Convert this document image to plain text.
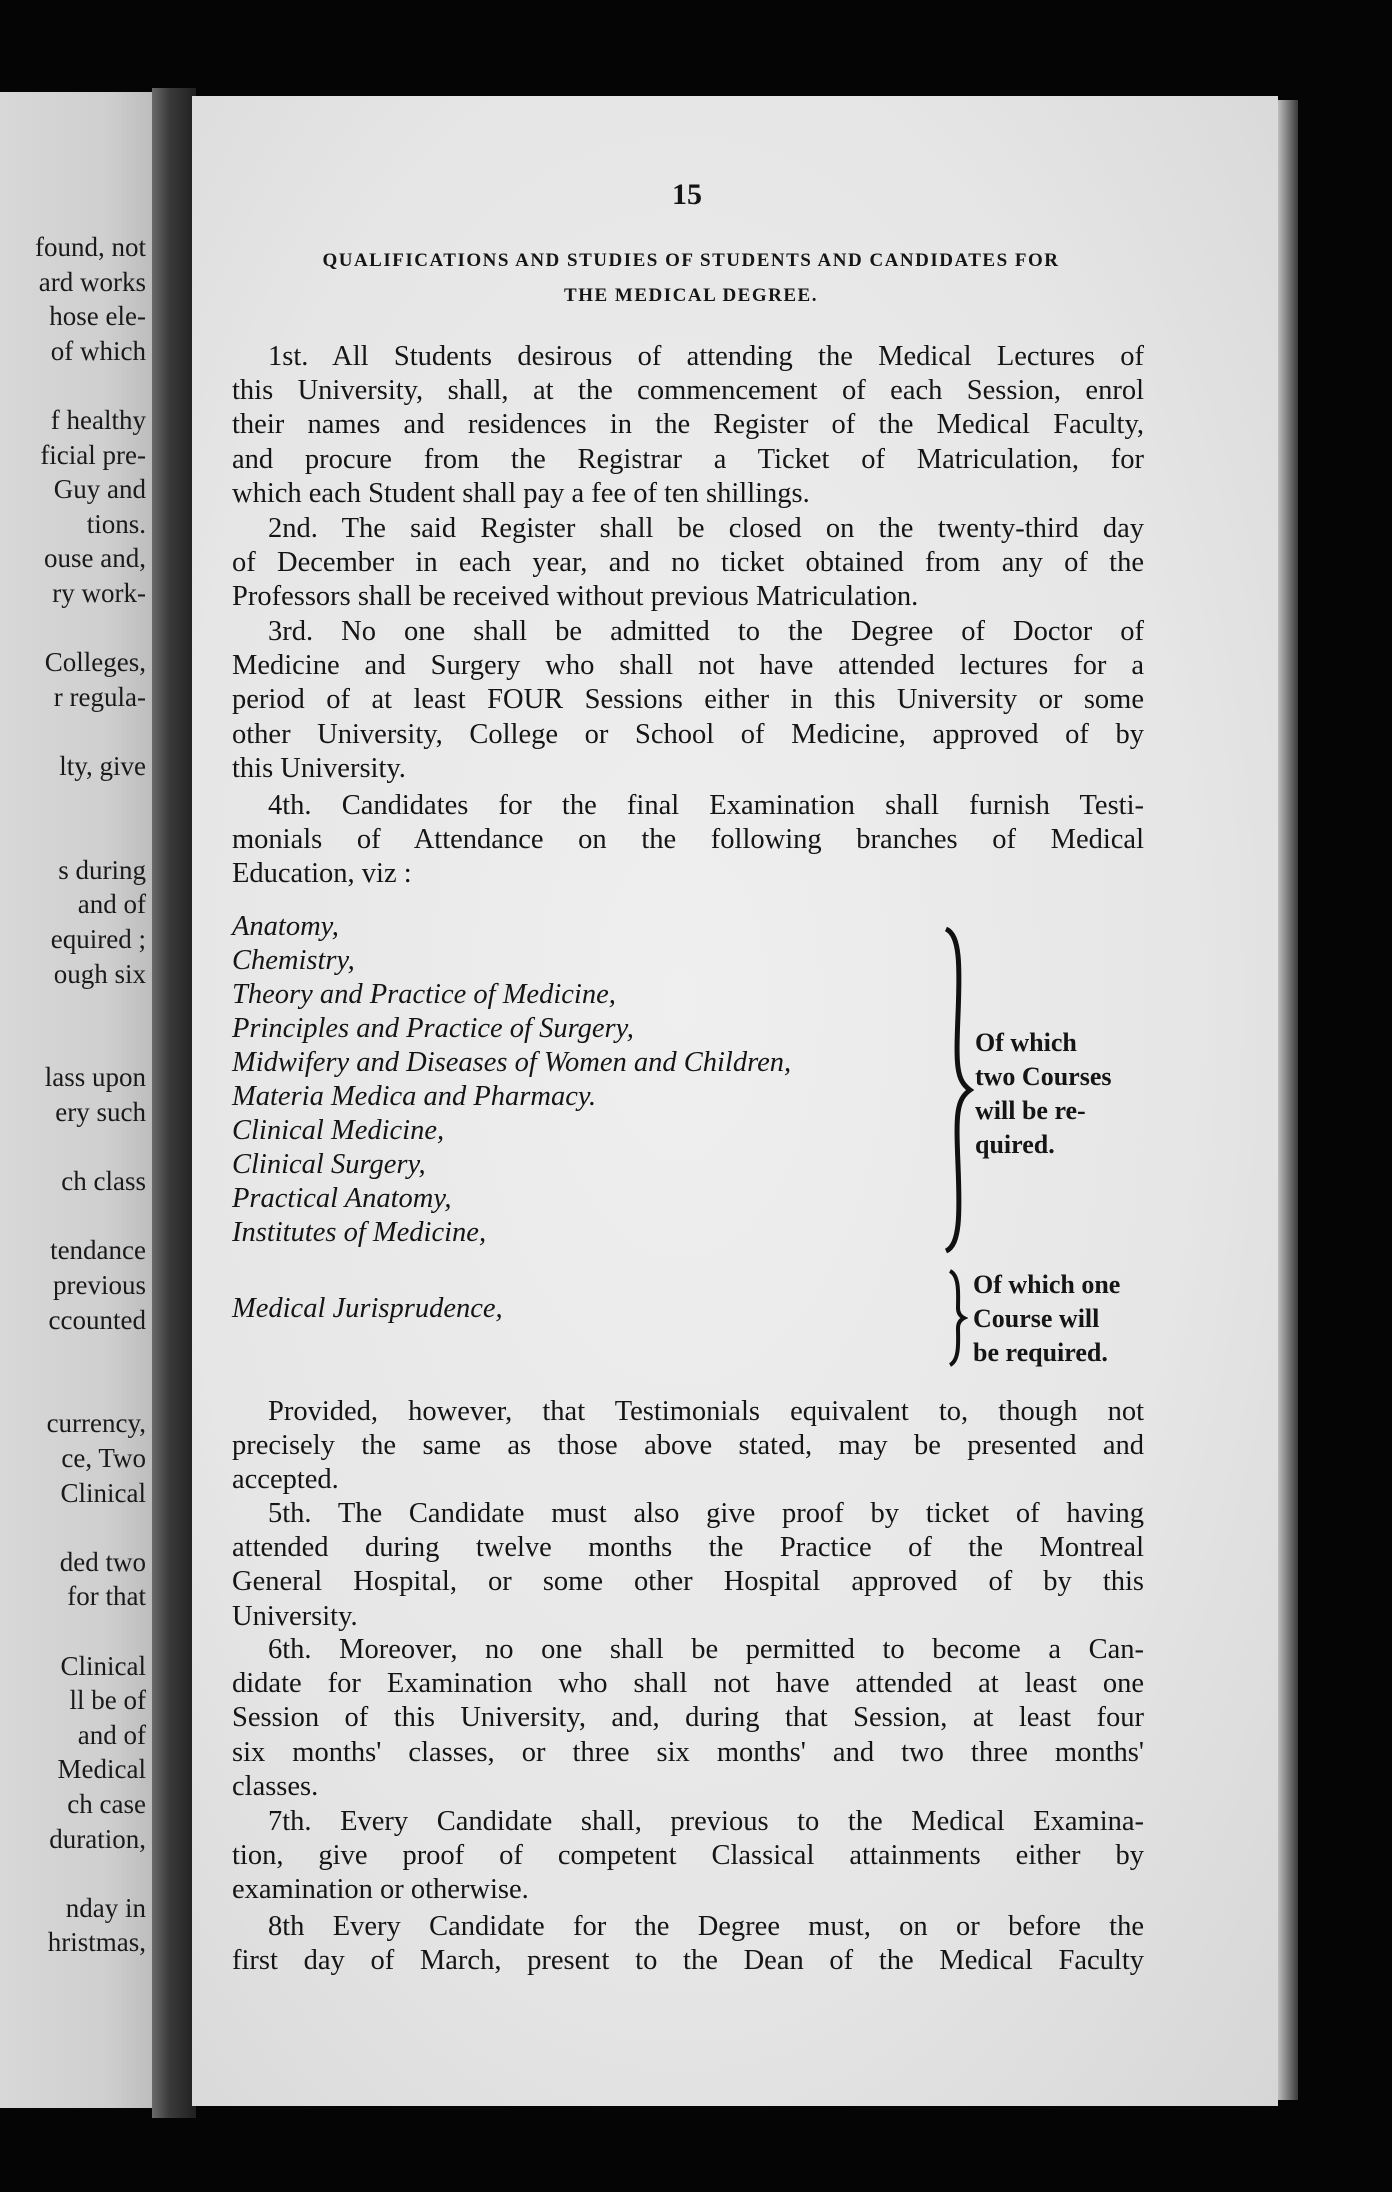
found, not
ard works
hose ele-
of which
f healthy
ficial pre-
Guy and
tions.
ouse and,
ry work-
Colleges,
r regula-
lty, give
s during
and of
equired ;
ough six
lass upon
ery such
ch class
tendance
previous
ccounted
currency,
ce, Two
Clinical
ded two
for that
Clinical
ll be of
and of
Medical
ch case
duration,
nday in
hristmas,
15
QUALIFICATIONS AND STUDIES OF STUDENTS AND CANDIDATES FOR
THE MEDICAL DEGREE.

1st. All Students desirous of attending the Medical Lectures of

this University, shall, at the commencement of each Session, enrol

their names and residences in the Register of the Medical Faculty,

and procure from the Registrar a Ticket of Matriculation, for

which each Student shall pay a fee of ten shillings.

2nd. The said Register shall be closed on the twenty-third day

of December in each year, and no ticket obtained from any of the

Professors shall be received without previous Matriculation.

3rd. No one shall be admitted to the Degree of Doctor of

Medicine and Surgery who shall not have attended lectures for a

period of at least FOUR Sessions either in this University or some

other University, College or School of Medicine, approved of by

this University.

4th. Candidates for the final Examination shall furnish Testi-

monials of Attendance on the following branches of Medical

Education, viz :

Anatomy,
Chemistry,
Theory and Practice of Medicine,
Principles and Practice of Surgery,
Midwifery and Diseases of Women and Children,
Materia Medica and Pharmacy.
Clinical Medicine,
Clinical Surgery,
Practical Anatomy,
Institutes of Medicine,
Medical Jurisprudence,
Of which
two Courses
will be re-
quired.
Of which one
Course will
be required.

Provided, however, that Testimonials equivalent to, though not

precisely the same as those above stated, may be presented and

accepted.

5th. The Candidate must also give proof by ticket of having

attended during twelve months the Practice of the Montreal

General Hospital, or some other Hospital approved of by this

University.

6th. Moreover, no one shall be permitted to become a Can-

didate for Examination who shall not have attended at least one

Session of this University, and, during that Session, at least four

six months' classes, or three six months' and two three months'

classes.

7th. Every Candidate shall, previous to the Medical Examina-

tion, give proof of competent Classical attainments either by

examination or otherwise.

8th Every Candidate for the Degree must, on or before the

first day of March, present to the Dean of the Medical Faculty
